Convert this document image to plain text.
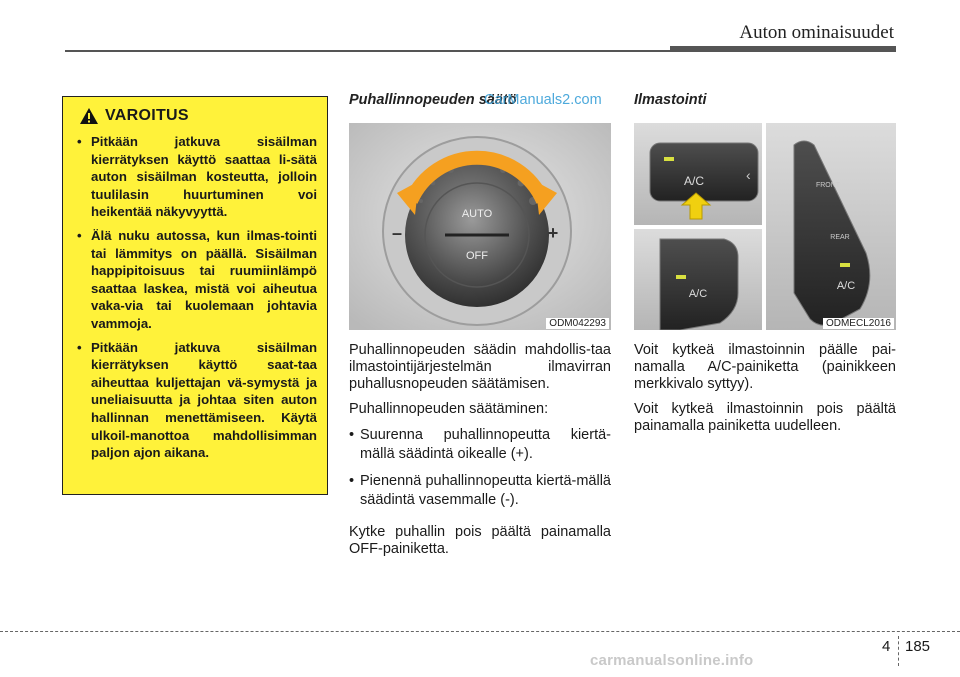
Auton ominaisuudet
VAROITUS
• Pitkään jatkuva sisäilman kierrätyksen käyttö saattaa li-sätä auton sisäilman kosteutta, jolloin tuulilasin huurtuminen voi heikentää näkyvyyttä.
• Älä nuku autossa, kun ilmas-tointi tai lämmitys on päällä. Sisäilman happipitoisuus tai ruumiinlämpö saattaa laskea, mistä voi aiheutua vaka-via tai kuolemaan johtavia vammoja.
• Pitkään jatkuva sisäilman kierrätyksen käyttö saat-taa aiheuttaa kuljettajan vä-symystä ja uneliaisuutta ja johtaa siten auton hallinnan menettämiseen. Käytä ulkoil-manottoa mahdollisimman paljon ajon aikana.
Puhallinnopeuden säätö
CarManuals2.com
AUTO
OFF
–	+
ODM042293

Puhallinnopeuden säädin mahdollis-taa ilmastointijärjestelmän ilmavirran puhallusnopeuden säätämisen.

Puhallinnopeuden säätäminen:

• Suurenna puhallinnopeutta kiertä-mällä säädintä oikealle (+).
• Pienennä puhallinnopeutta kiertä-mällä säädintä vasemmalle (-).

Kytke puhallin pois päältä painamalla OFF-painiketta.

Ilmastointi
A/C	‹
A/C
FRONT
REAR
A/C
ODMECL2016

Voit kytkeä ilmastoinnin päälle pai-namalla A/C-painiketta (painikkeen merkkivalo syttyy).

Voit kytkeä ilmastoinnin pois päältä painamalla painiketta uudelleen.

4 185
carmanualsonline.info
